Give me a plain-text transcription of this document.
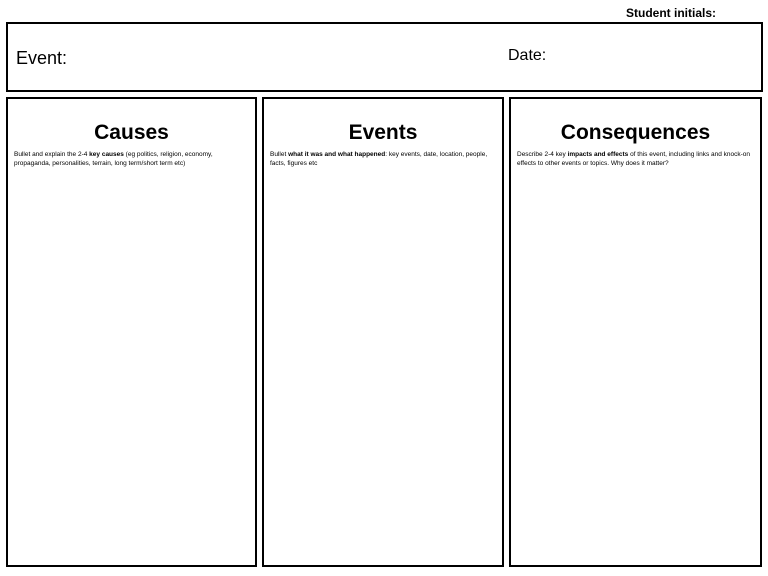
Student initials:
Event:	Date:
Causes
Bullet and explain the 2-4 key causes (eg politics, religion, economy, propaganda, personalities, terrain, long term/short term etc)
Events
Bullet what it was and what happened: key events, date, location, people, facts, figures etc
Consequences
Describe 2-4 key impacts and effects of this event, including links and knock-on effects to other events or topics. Why does it matter?
